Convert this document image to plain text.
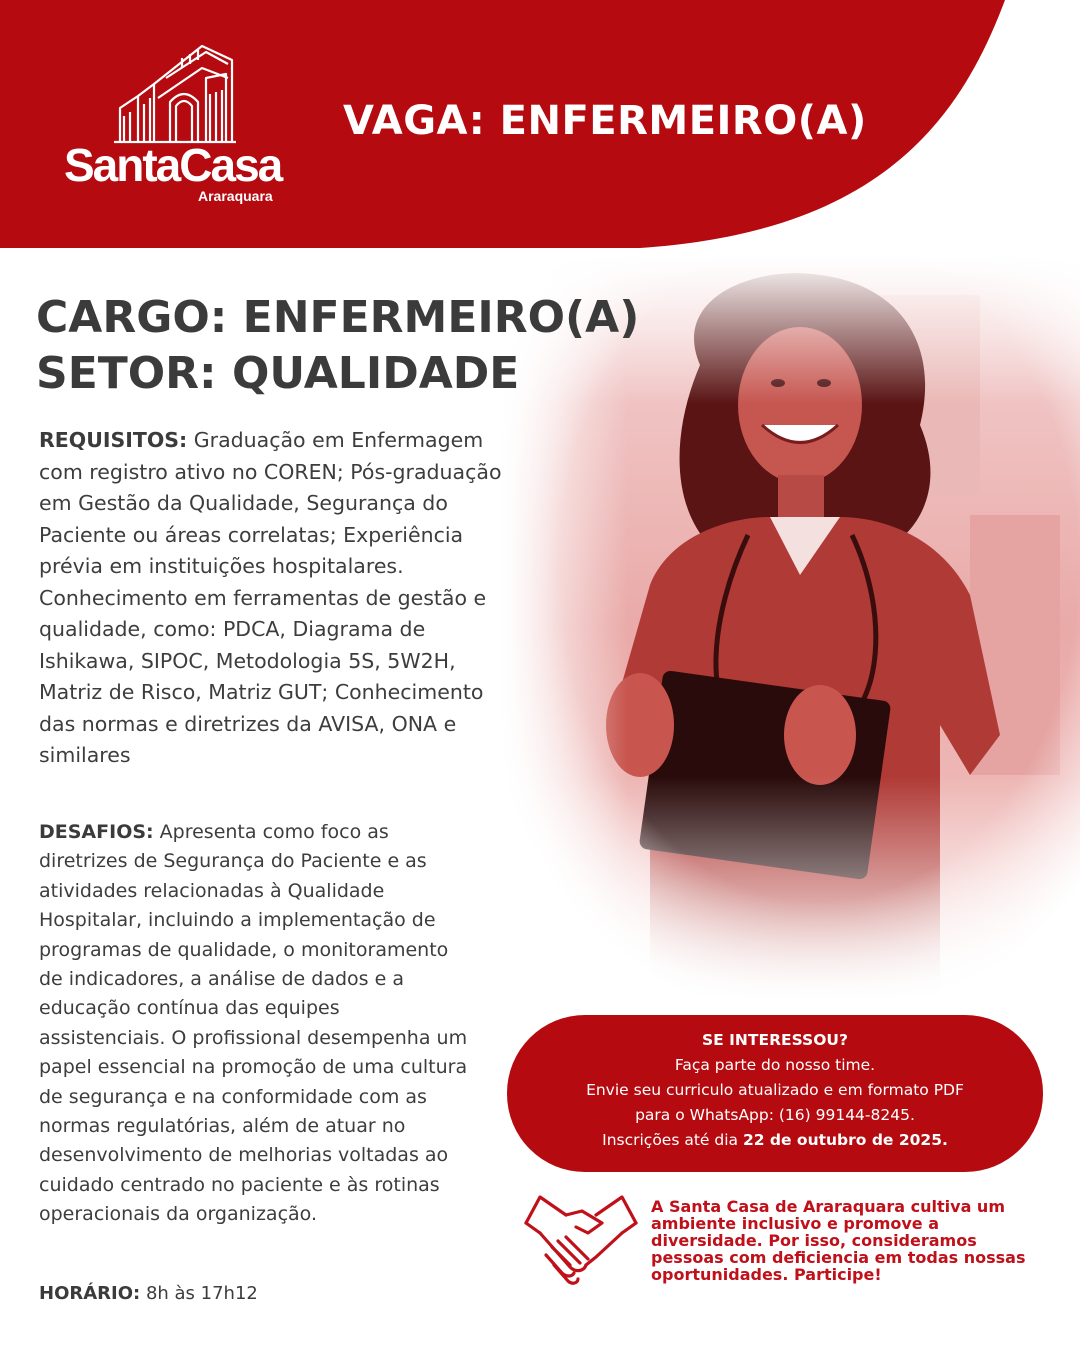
SantaCasa
Araraquara
VAGA: ENFERMEIRO(A)
CARGO: ENFERMEIRO(A)
SETOR: QUALIDADE
REQUISITOS: Graduação em Enfermagem com registro ativo no COREN; Pós-graduação em Gestão da Qualidade, Segurança do Paciente ou áreas correlatas; Experiência prévia em instituições hospitalares.
Conhecimento em ferramentas de gestão e qualidade, como: PDCA, Diagrama de Ishikawa, SIPOC, Metodologia 5S, 5W2H, Matriz de Risco, Matriz GUT; Conhecimento das normas e diretrizes da AVISA, ONA e similares
DESAFIOS: Apresenta como foco as diretrizes de Segurança do Paciente e as atividades relacionadas à Qualidade Hospitalar, incluindo a implementação de programas de qualidade, o monitoramento de indicadores, a análise de dados e a educação contínua das equipes assistenciais. O profissional desempenha um papel essencial na promoção de uma cultura de segurança e na conformidade com as normas regulatórias, além de atuar no desenvolvimento de melhorias voltadas ao cuidado centrado no paciente e às rotinas operacionais da organização.
HORÁRIO: 8h às 17h12
SE INTERESSOU?
Faça parte do nosso time.
Envie seu curriculo atualizado e em formato PDF
para o WhatsApp: (16) 99144-8245.
Inscrições até dia 22 de outubro de 2025.
A Santa Casa de Araraquara cultiva um ambiente inclusivo e promove a diversidade. Por isso, consideramos pessoas com deficiencia em todas nossas oportunidades. Participe!
